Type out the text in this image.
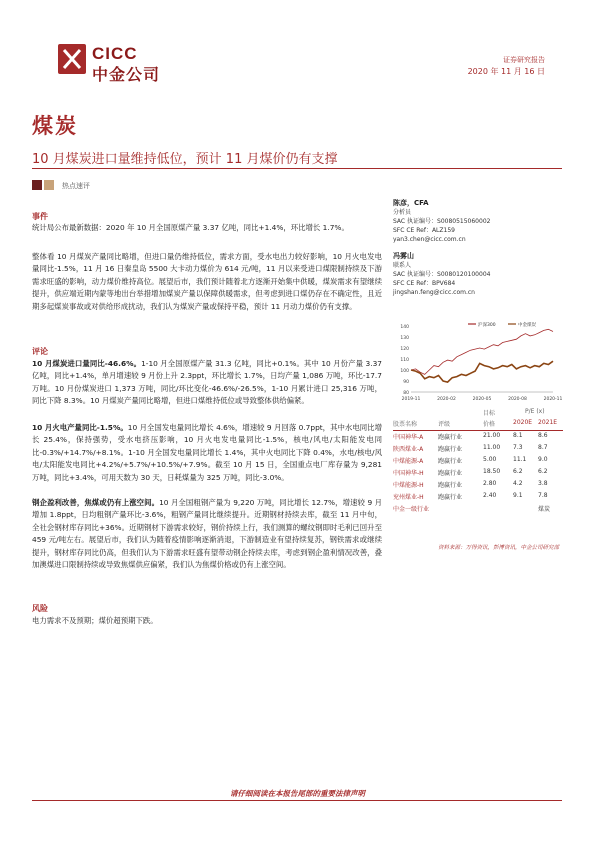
CICC
中金公司
证券研究报告
2020 年 11 月 16 日
煤炭
10 月煤炭进口量维持低位，预计 11 月煤价仍有支撑
热点速评
事件
统计局公布最新数据：2020 年 10 月全国原煤产量 3.37 亿吨，同比+1.4%，环比增长 1.7%。
整体看 10 月煤炭产量同比略增，但进口量仍维持低位，需求方面，受水电出力较好影响，10 月火电发电量同比-1.5%，11 月 16 日秦皇岛 5500 大卡动力煤价为 614 元/吨，11 月以来受进口煤限制持续及下游需求旺盛的影响，动力煤价维持高位。展望后市，我们预计随着北方逐渐开始集中供暖，煤炭需求有望继续提升，供应端近期内蒙等地出台举措增加煤炭产量以保障供暖需求，但考虑到进口煤仍存在不确定性，且近期多起煤炭事故或对供给形成扰动，我们认为煤炭产量或保持平稳，预计 11 月动力煤价仍有支撑。
评论
10 月煤炭进口量同比-46.6%。1-10 月全国原煤产量 31.3 亿吨，同比+0.1%。其中 10 月份产量 3.37 亿吨，同比+1.4%，单月增速较 9 月份上升 2.3ppt，环比增长 1.7%，日均产量 1,086 万吨，环比-17.7 万吨。10 月份煤炭进口 1,373 万吨，同比/环比变化-46.6%/-26.5%，1-10 月累计进口 25,316 万吨，同比下降 8.3%。10 月煤炭产量同比略增，但进口煤维持低位或导致整体供给偏紧。
10 月火电产量同比-1.5%。10 月全国发电量同比增长 4.6%，增速较 9 月回落 0.7ppt，其中水电同比增长 25.4%，保持强势，受水电挤压影响，10 月火电发电量同比-1.5%，核电/风电/太阳能发电同比-0.3%/+14.7%/+8.1%。1-10 月全国发电量同比增长 1.4%，其中火电同比下降 0.4%，水电/核电/风电/太阳能发电同比+4.2%/+5.7%/+10.5%/+7.9%。截至 10 月 15 日，全国重点电厂库存量为 9,281 万吨，同比+3.4%，可用天数为 30 天，日耗煤量为 325 万吨，同比-3.0%。
钢企盈利改善，焦煤或仍有上涨空间。10 月全国粗钢产量为 9,220 万吨，同比增长 12.7%，增速较 9 月增加 1.8ppt，日均粗钢产量环比-3.6%，粗钢产量同比继续提升。近期钢材持续去库，截至 11 月中旬，全社会钢材库存同比+36%。近期钢材下游需求较好，钢价持续上行，我们测算的螺纹钢即时毛利已回升至 459 元/吨左右。展望后市，我们认为随着疫情影响逐渐消退，下游制造业有望持续复苏，钢铁需求或继续提升，钢材库存同比仍高，但我们认为下游需求旺盛有望带动钢企持续去库，考虑到钢企盈利情况改善，叠加澳煤进口限制持续或导致焦煤供应偏紧，我们认为焦煤价格或仍有上涨空间。
风险
电力需求不及预期；煤价超预期下跌。
陈彦，CFA
分析员
SAC 执证编号：S0080515060002
SFC CE Ref：ALZ159
yan3.chen@cicc.com.cn
冯雾山
联系人
SAC 执证编号：S0080120100004
SFC CE Ref：BPV684
jingshan.feng@cicc.com.cn
140
130
120
110
100
90
80
2019-11	2020-02	2020-05	2020-08	2020-11
沪深300	中金煤炭
目标	P/E (x)
股票名称	评级	价格	2020E 2021E
中国神华-A 跑赢行业	21.00 8.1	8.6
陕西煤业-A 跑赢行业	11.00 7.3	8.7
中煤能源-A 跑赢行业	5.00	11.1 9.0
中国神华-H 跑赢行业	18.50 6.2	6.2
中煤能源-H 跑赢行业	2.80	4.2	3.8
兖州煤业-H 跑赢行业	2.40	9.1	7.8
中金一级行业	煤炭
资料来源：万得资讯，彭博资讯，中金公司研究部
请仔细阅读在本报告尾部的重要法律声明
